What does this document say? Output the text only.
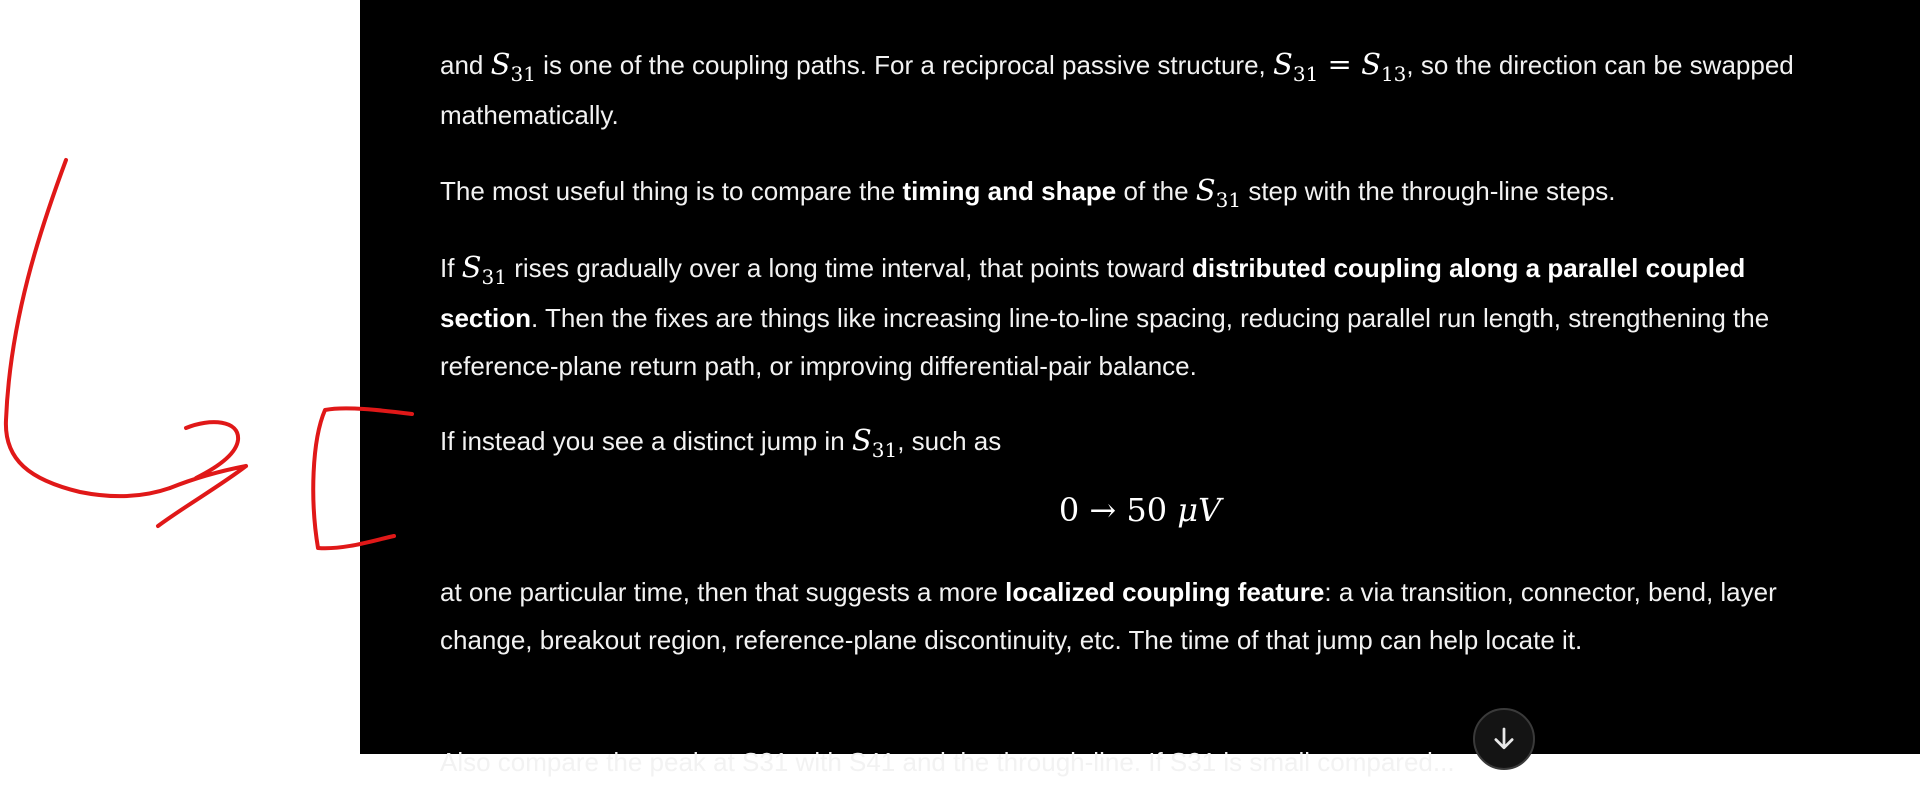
and $S_{31}$ is one of the coupling paths. For a reciprocal passive structure, $S_{31} = S_{13}$, so the direction can be swapped mathematically.

The most useful thing is to compare the timing and shape of the $S_{31}$ step with the through-line steps.

If $S_{31}$ rises gradually over a long time interval, that points toward distributed coupling along a parallel coupled section. Then the fixes are things like increasing line-to-line spacing, reducing parallel run length, strengthening the reference-plane return path, or improving differential-pair balance.

If instead you see a distinct jump in $S_{31}$, such as

0 → 50 μV

at one particular time, then that suggests a more localized coupling feature: a via transition, connector, bend, layer change, breakout region, reference-plane discontinuity, etc. The time of that jump can help locate it.

Also compare the peak at S31 with S41 and the through-line. If S31 is small compared...
